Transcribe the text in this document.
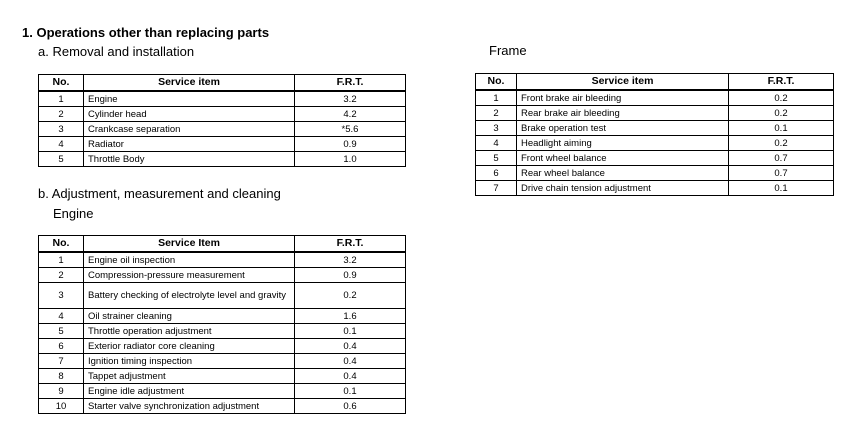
1. Operations other than replacing parts
a. Removal and installation	Frame
b. Adjustment, measurement and cleaning
Engine
No.	Service item	F.R.T.
1	Engine	3.2
2	Cylinder head	4.2
3	Crankcase separation	*5.6
4	Radiator	0.9
5	Throttle Body	1.0
No.	Service Item	F.R.T.
1	Engine oil inspection	3.2
2	Compression-pressure measurement	0.9
3	Battery checking of electrolyte level and gravity	0.2
4	Oil strainer cleaning	1.6
5	Throttle operation adjustment	0.1
6	Exterior radiator core cleaning	0.4
7	Ignition timing inspection	0.4
8	Tappet adjustment	0.4
9	Engine idle adjustment	0.1
10	Starter valve synchronization adjustment	0.6
No.	Service item	F.R.T.
1	Front brake air bleeding	0.2
2	Rear brake air bleeding	0.2
3	Brake operation test	0.1
4	Headlight aiming	0.2
5	Front wheel balance	0.7
6	Rear wheel balance	0.7
7	Drive chain tension adjustment	0.1
